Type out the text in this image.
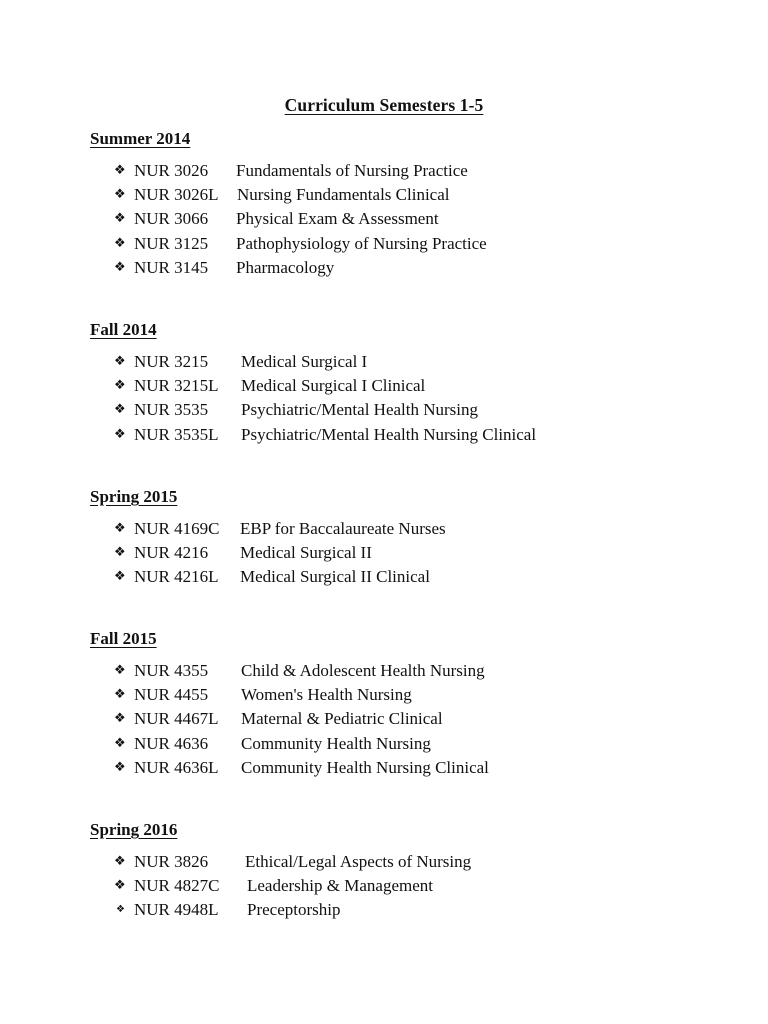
Curriculum Semesters 1-5
Summer 2014
❖ NUR 3026 Fundamentals of Nursing Practice
❖ NUR 3026L Nursing Fundamentals Clinical
❖ NUR 3066 Physical Exam & Assessment
❖ NUR 3125 Pathophysiology of Nursing Practice
❖ NUR 3145 Pharmacology
Fall 2014
❖ NUR 3215 Medical Surgical I
❖ NUR 3215L Medical Surgical I Clinical
❖ NUR 3535 Psychiatric/Mental Health Nursing
❖ NUR 3535L Psychiatric/Mental Health Nursing Clinical
Spring 2015
❖ NUR 4169C EBP for Baccalaureate Nurses
❖ NUR 4216 Medical Surgical II
❖ NUR 4216L Medical Surgical II Clinical
Fall 2015
❖ NUR 4355 Child & Adolescent Health Nursing
❖ NUR 4455 Women's Health Nursing
❖ NUR 4467L Maternal & Pediatric Clinical
❖ NUR 4636 Community Health Nursing
❖ NUR 4636L Community Health Nursing Clinical
Spring 2016
❖ NUR 3826 Ethical/Legal Aspects of Nursing
❖ NUR 4827C Leadership & Management
❖ NUR 4948L Preceptorship
